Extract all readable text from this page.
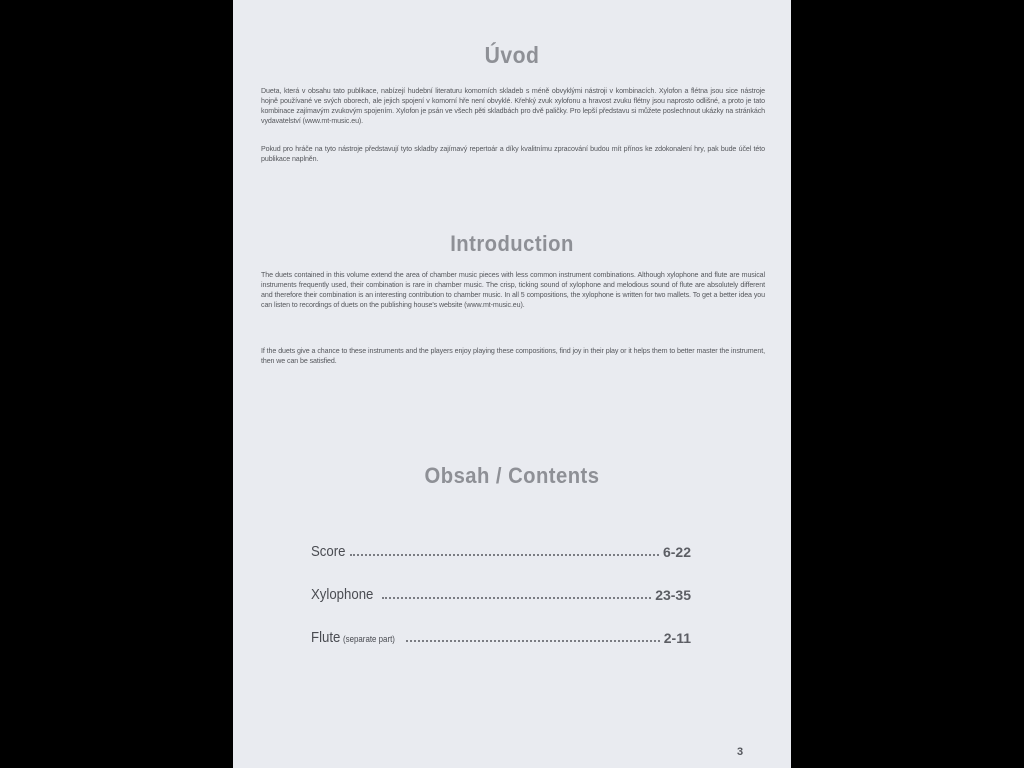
Úvod
Dueta, která v obsahu tato publikace, nabízejí hudební literaturu komorních skladeb s méně obvyklými nástroji v kombinacích. Xylofon a flétna jsou sice nástroje hojně používané ve svých oborech, ale jejich spojení v komorní hře není obvyklé. Křehký zvuk xylofonu a hravost zvuku flétny jsou naprosto odlišné, a proto je tato kombinace zajímavým zvukovým spojením. Xylofon je psán ve všech pěti skladbách pro dvě paličky. Pro lepší představu si můžete poslechnout ukázky na stránkách vydavatelství (www.mt-music.eu).
Pokud pro hráče na tyto nástroje představují tyto skladby zajímavý repertoár a díky kvalitnímu zpracování budou mít přínos ke zdokonalení hry, pak bude účel této publikace naplněn.
Introduction
The duets contained in this volume extend the area of chamber music pieces with less common instrument combinations. Although xylophone and flute are musical instruments frequently used, their combination is rare in chamber music. The crisp, ticking sound of xylophone and melodious sound of flute are absolutely different and therefore their combination is an interesting contribution to chamber music. In all 5 compositions, the xylophone is written for two mallets. To get a better idea you can listen to recordings of duets on the publishing house's website (www.mt-music.eu).
If the duets give a chance to these instruments and the players enjoy playing these compositions, find joy in their play or it helps them to better master the instrument, then we can be satisfied.
Obsah / Contents
Score	6-22
Xylophone	23-35
Flute (separate part)	2-11
3
